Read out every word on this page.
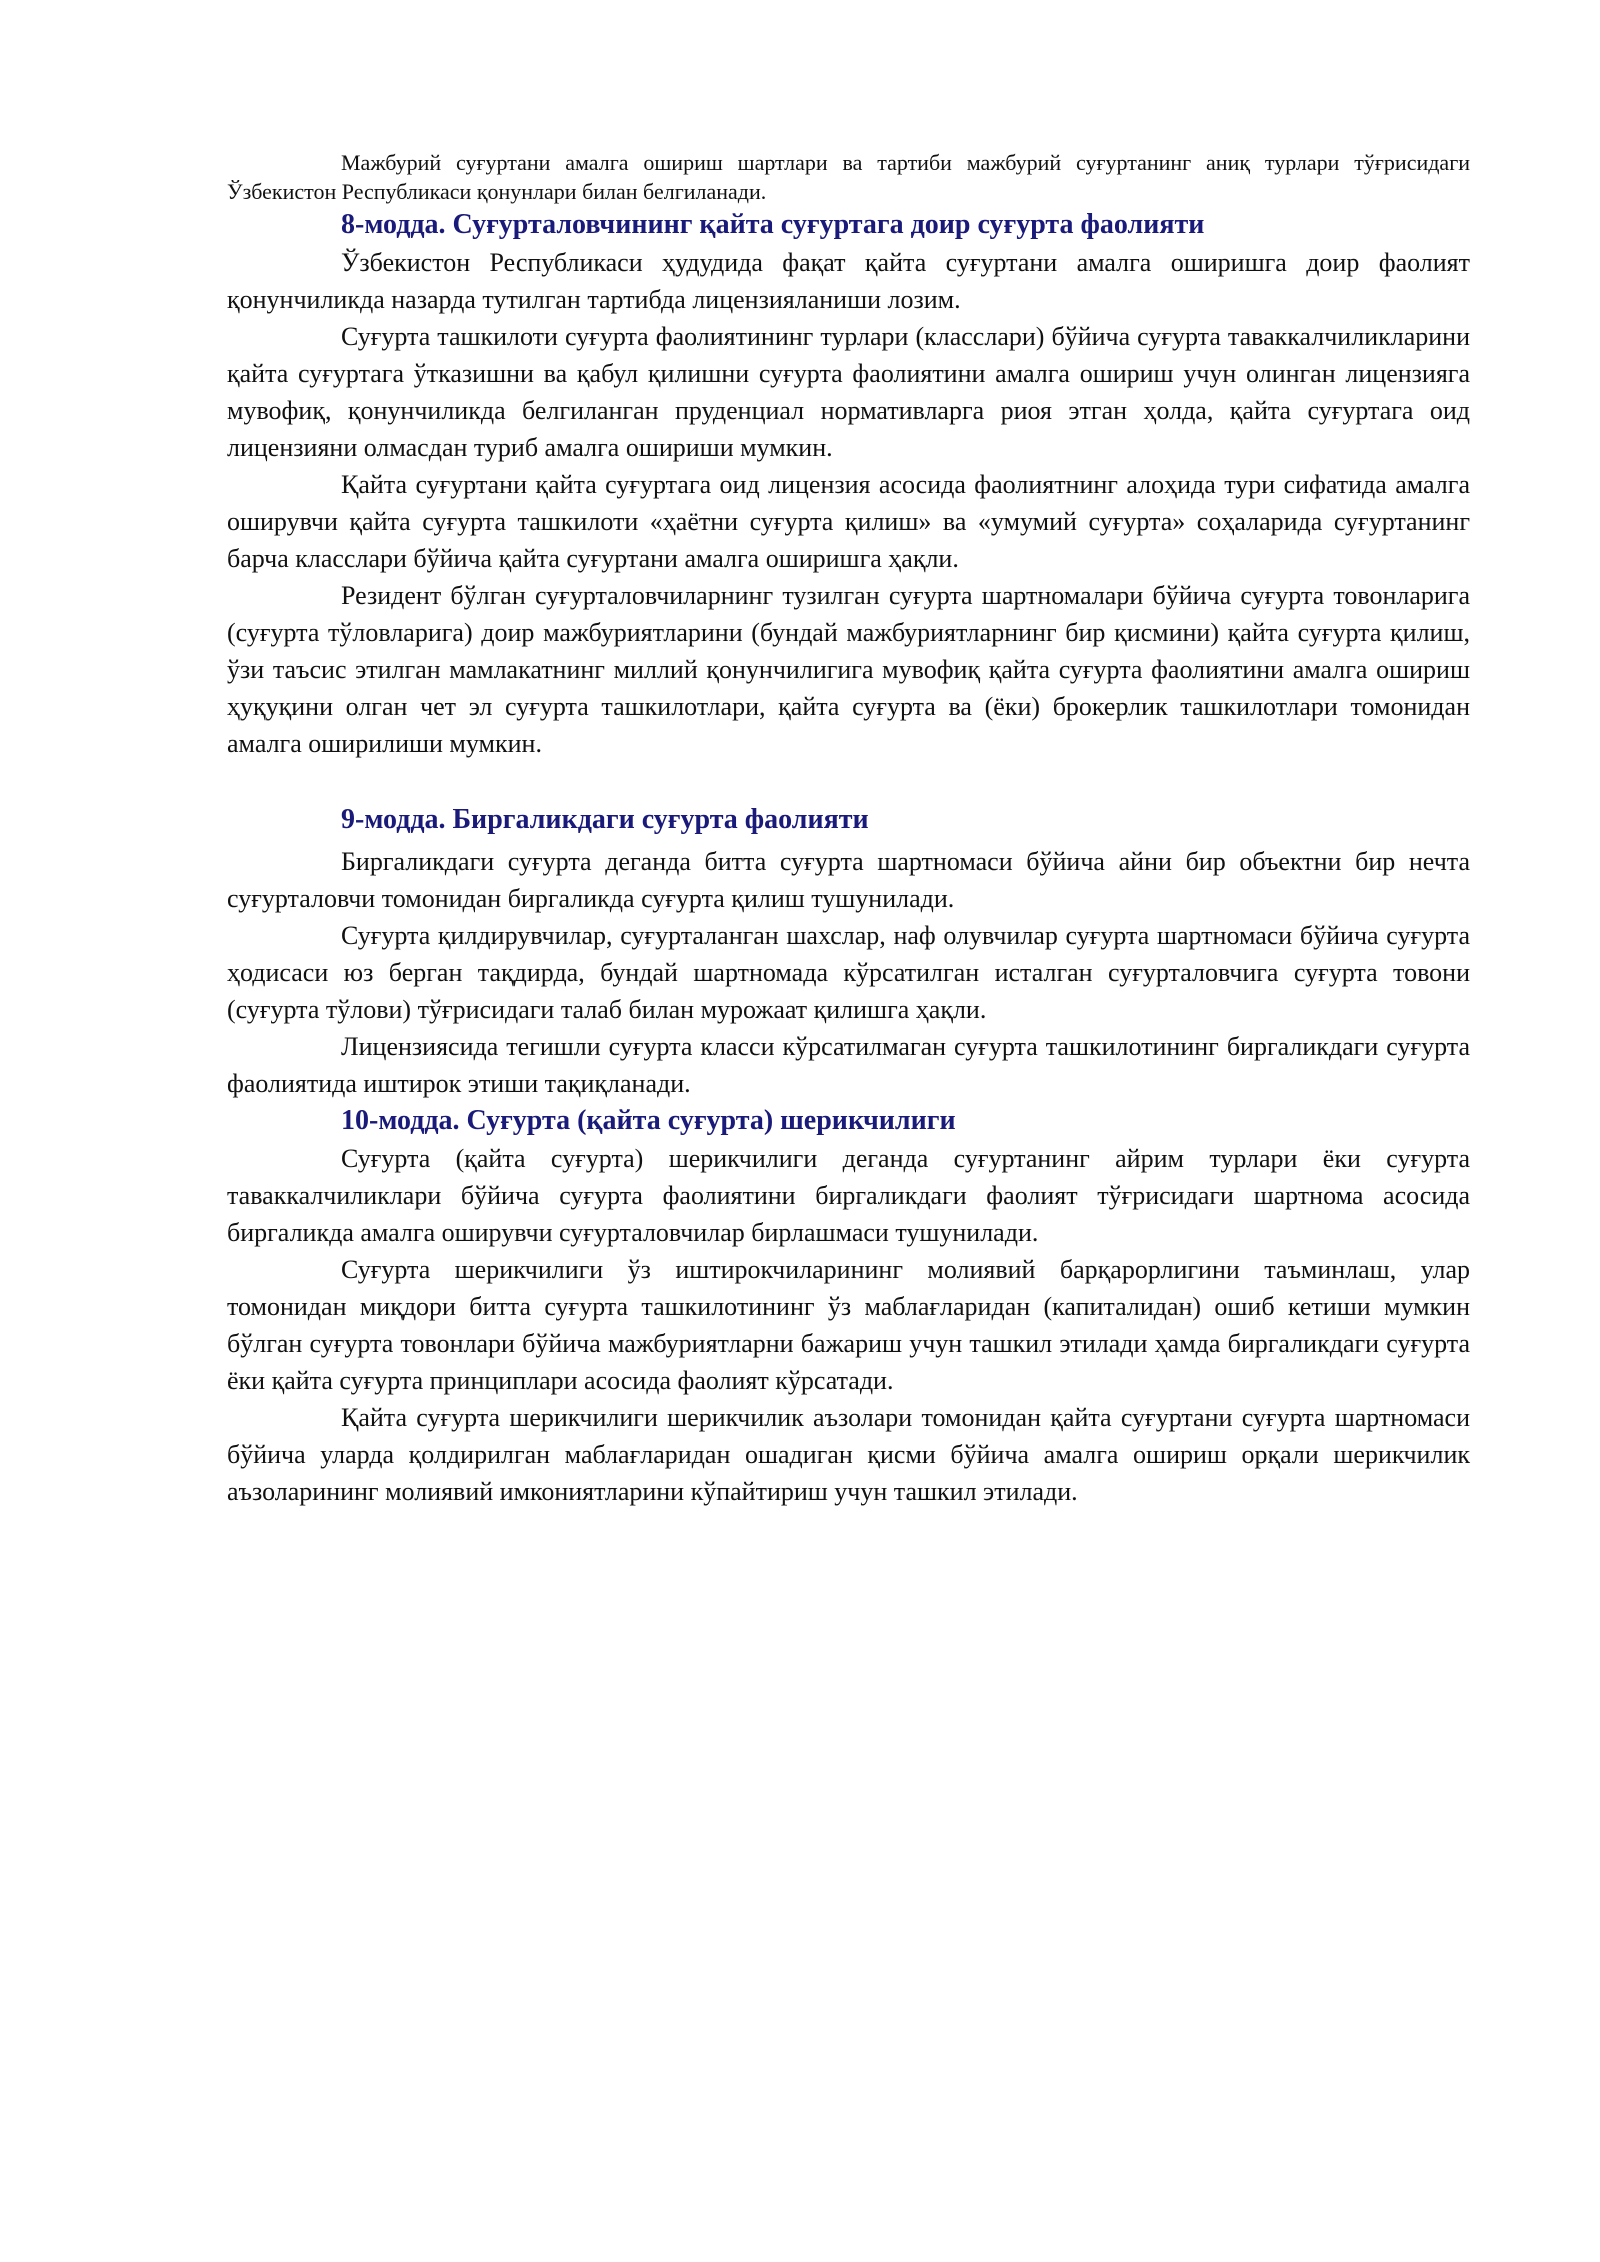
Мажбурий суғуртани амалга ошириш шартлари ва тартиби мажбурий суғуртанинг аниқ турлари тўғрисидаги Ўзбекистон Республикаси қонунлари билан белгиланади.

8-модда. Суғурталовчининг қайта суғуртага доир суғурта фаолияти

Ўзбекистон Республикаси ҳудудида фақат қайта суғуртани амалга оширишга доир фаолият қонунчиликда назарда тутилган тартибда лицензияланиши лозим.

Суғурта ташкилоти суғурта фаолиятининг турлари (класслари) бўйича суғурта таваккалчиликларини қайта суғуртага ўтказишни ва қабул қилишни суғурта фаолиятини амалга ошириш учун олинган лицензияга мувофиқ, қонунчиликда белгиланган пруденциал нормативларга риоя этган ҳолда, қайта суғуртага оид лицензияни олмасдан туриб амалга ошириши мумкин.

Қайта суғуртани қайта суғуртага оид лицензия асосида фаолиятнинг алоҳида тури сифатида амалга оширувчи қайта суғурта ташкилоти «ҳаётни суғурта қилиш» ва «умумий суғурта» соҳаларида суғуртанинг барча класслари бўйича қайта суғуртани амалга оширишга ҳақли.

Резидент бўлган суғурталовчиларнинг тузилган суғурта шартномалари бўйича суғурта товонларига (суғурта тўловларига) доир мажбуриятларини (бундай мажбуриятларнинг бир қисмини) қайта суғурта қилиш, ўзи таъсис этилган мамлакатнинг миллий қонунчилигига мувофиқ қайта суғурта фаолиятини амалга ошириш ҳуқуқини олган чет эл суғурта ташкилотлари, қайта суғурта ва (ёки) брокерлик ташкилотлари томонидан амалга оширилиши мумкин.

9-модда. Биргаликдаги суғурта фаолияти

Биргаликдаги суғурта деганда битта суғурта шартномаси бўйича айни бир объектни бир нечта суғурталовчи томонидан биргаликда суғурта қилиш тушунилади.

Суғурта қилдирувчилар, суғурталанган шахслар, наф олувчилар суғурта шартномаси бўйича суғурта ҳодисаси юз берган тақдирда, бундай шартномада кўрсатилган исталган суғурталовчига суғурта товони (суғурта тўлови) тўғрисидаги талаб билан мурожаат қилишга ҳақли.

Лицензиясида тегишли суғурта класси кўрсатилмаган суғурта ташкилотининг биргаликдаги суғурта фаолиятида иштирок этиши тақиқланади.

10-модда. Суғурта (қайта суғурта) шерикчилиги

Суғурта (қайта суғурта) шерикчилиги деганда суғуртанинг айрим турлари ёки суғурта таваккалчиликлари бўйича суғурта фаолиятини биргаликдаги фаолият тўғрисидаги шартнома асосида биргаликда амалга оширувчи суғурталовчилар бирлашмаси тушунилади.

Суғурта шерикчилиги ўз иштирокчиларининг молиявий барқарорлигини таъминлаш, улар томонидан миқдори битта суғурта ташкилотининг ўз маблағларидан (капиталидан) ошиб кетиши мумкин бўлган суғурта товонлари бўйича мажбуриятларни бажариш учун ташкил этилади ҳамда биргаликдаги суғурта ёки қайта суғурта принциплари асосида фаолият кўрсатади.

Қайта суғурта шерикчилиги шерикчилик аъзолари томонидан қайта суғуртани суғурта шартномаси бўйича уларда қолдирилган маблағларидан ошадиган қисми бўйича амалга ошириш орқали шерикчилик аъзоларининг молиявий имкониятларини кўпайтириш учун ташкил этилади.
